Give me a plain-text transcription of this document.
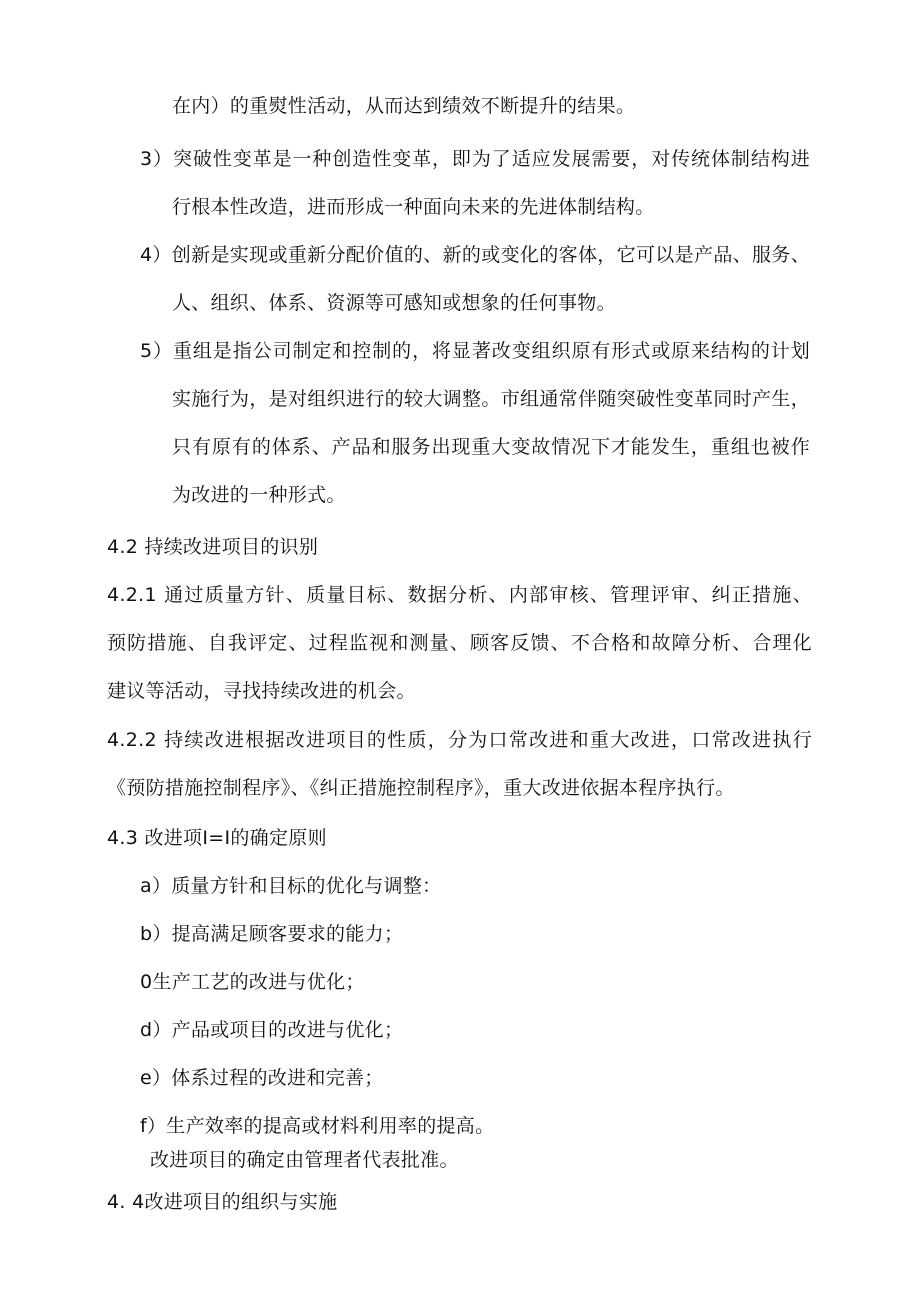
在内）的重熨性活动，从而达到绩效不断提升的结果。
3）突破性变革是一种创造性变革，即为了适应发展需要，对传统体制结构进
行根本性改造，进而形成一种面向未来的先进体制结构。
4）创新是实现或重新分配价值的、新的或变化的客体，它可以是产品、服务、
人、组织、体系、资源等可感知或想象的任何事物。
5）重组是指公司制定和控制的，将显著改变组织原有形式或原来结构的计划
实施行为，是对组织进行的较大调整。市组通常伴随突破性变革同时产生，
只有原有的体系、产品和服务出现重大变故情况下才能发生，重组也被作
为改进的一种形式。
4.2 持续改进项目的识别
4.2.1 通过质量方针、质量目标、数据分析、内部审核、管理评审、纠正措施、
预防措施、自我评定、过程监视和测量、顾客反馈、不合格和故障分析、合理化
建议等活动，寻找持续改进的机会。
4.2.2 持续改进根据改进项目的性质，分为口常改进和重大改进，口常改进执行
《预防措施控制程序》、《纠正措施控制程序》，重大改进依据本程序执行。
4.3 改进项I=I的确定原则
a）质量方针和目标的优化与调整：
b）提高满足顾客要求的能力；
0生产工艺的改进与优化；
d）产品或项目的改进与优化；
e）体系过程的改进和完善；
f）生产效率的提高或材料利用率的提高。
改进项目的确定由管理者代表批准。
4. 4改进项目的组织与实施
